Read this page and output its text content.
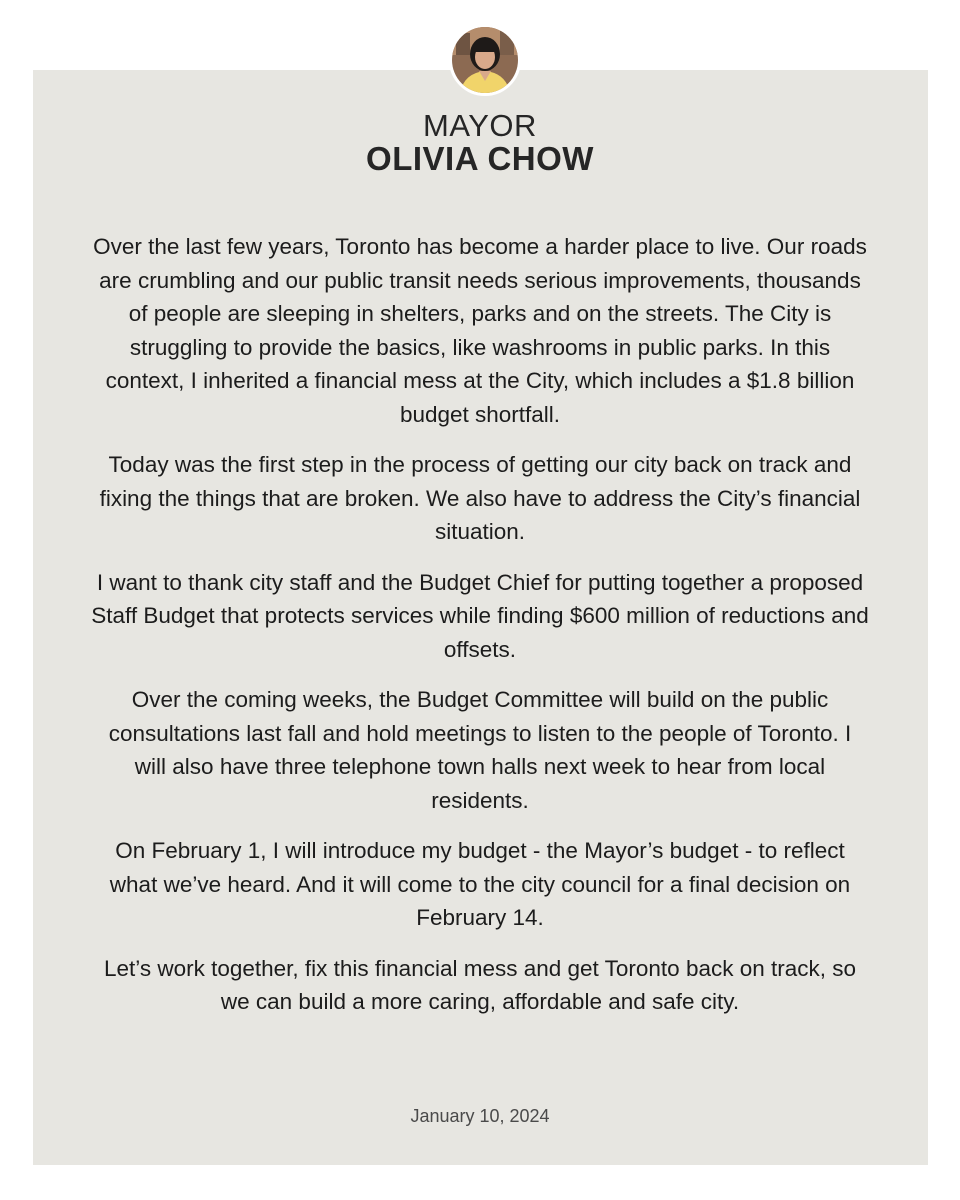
MAYOR
OLIVIA CHOW

Over the last few years, Toronto has become a harder place to live. Our roads are crumbling and our public transit needs serious improvements, thousands of people are sleeping in shelters, parks and on the streets. The City is struggling to provide the basics, like washrooms in public parks. In this context, I inherited a financial mess at the City, which includes a $1.8 billion budget shortfall.

Today was the first step in the process of getting our city back on track and fixing the things that are broken. We also have to address the City’s financial situation.

I want to thank city staff and the Budget Chief for putting together a proposed Staff Budget that protects services while finding $600 million of reductions and offsets.

Over the coming weeks, the Budget Committee will build on the public consultations last fall and hold meetings to listen to the people of Toronto. I will also have three telephone town halls next week to hear from local residents.

On February 1, I will introduce my budget - the Mayor’s budget - to reflect what we’ve heard. And it will come to the city council for a final decision on February 14.

Let’s work together, fix this financial mess and get Toronto back on track, so we can build a more caring, affordable and safe city.

January 10, 2024
